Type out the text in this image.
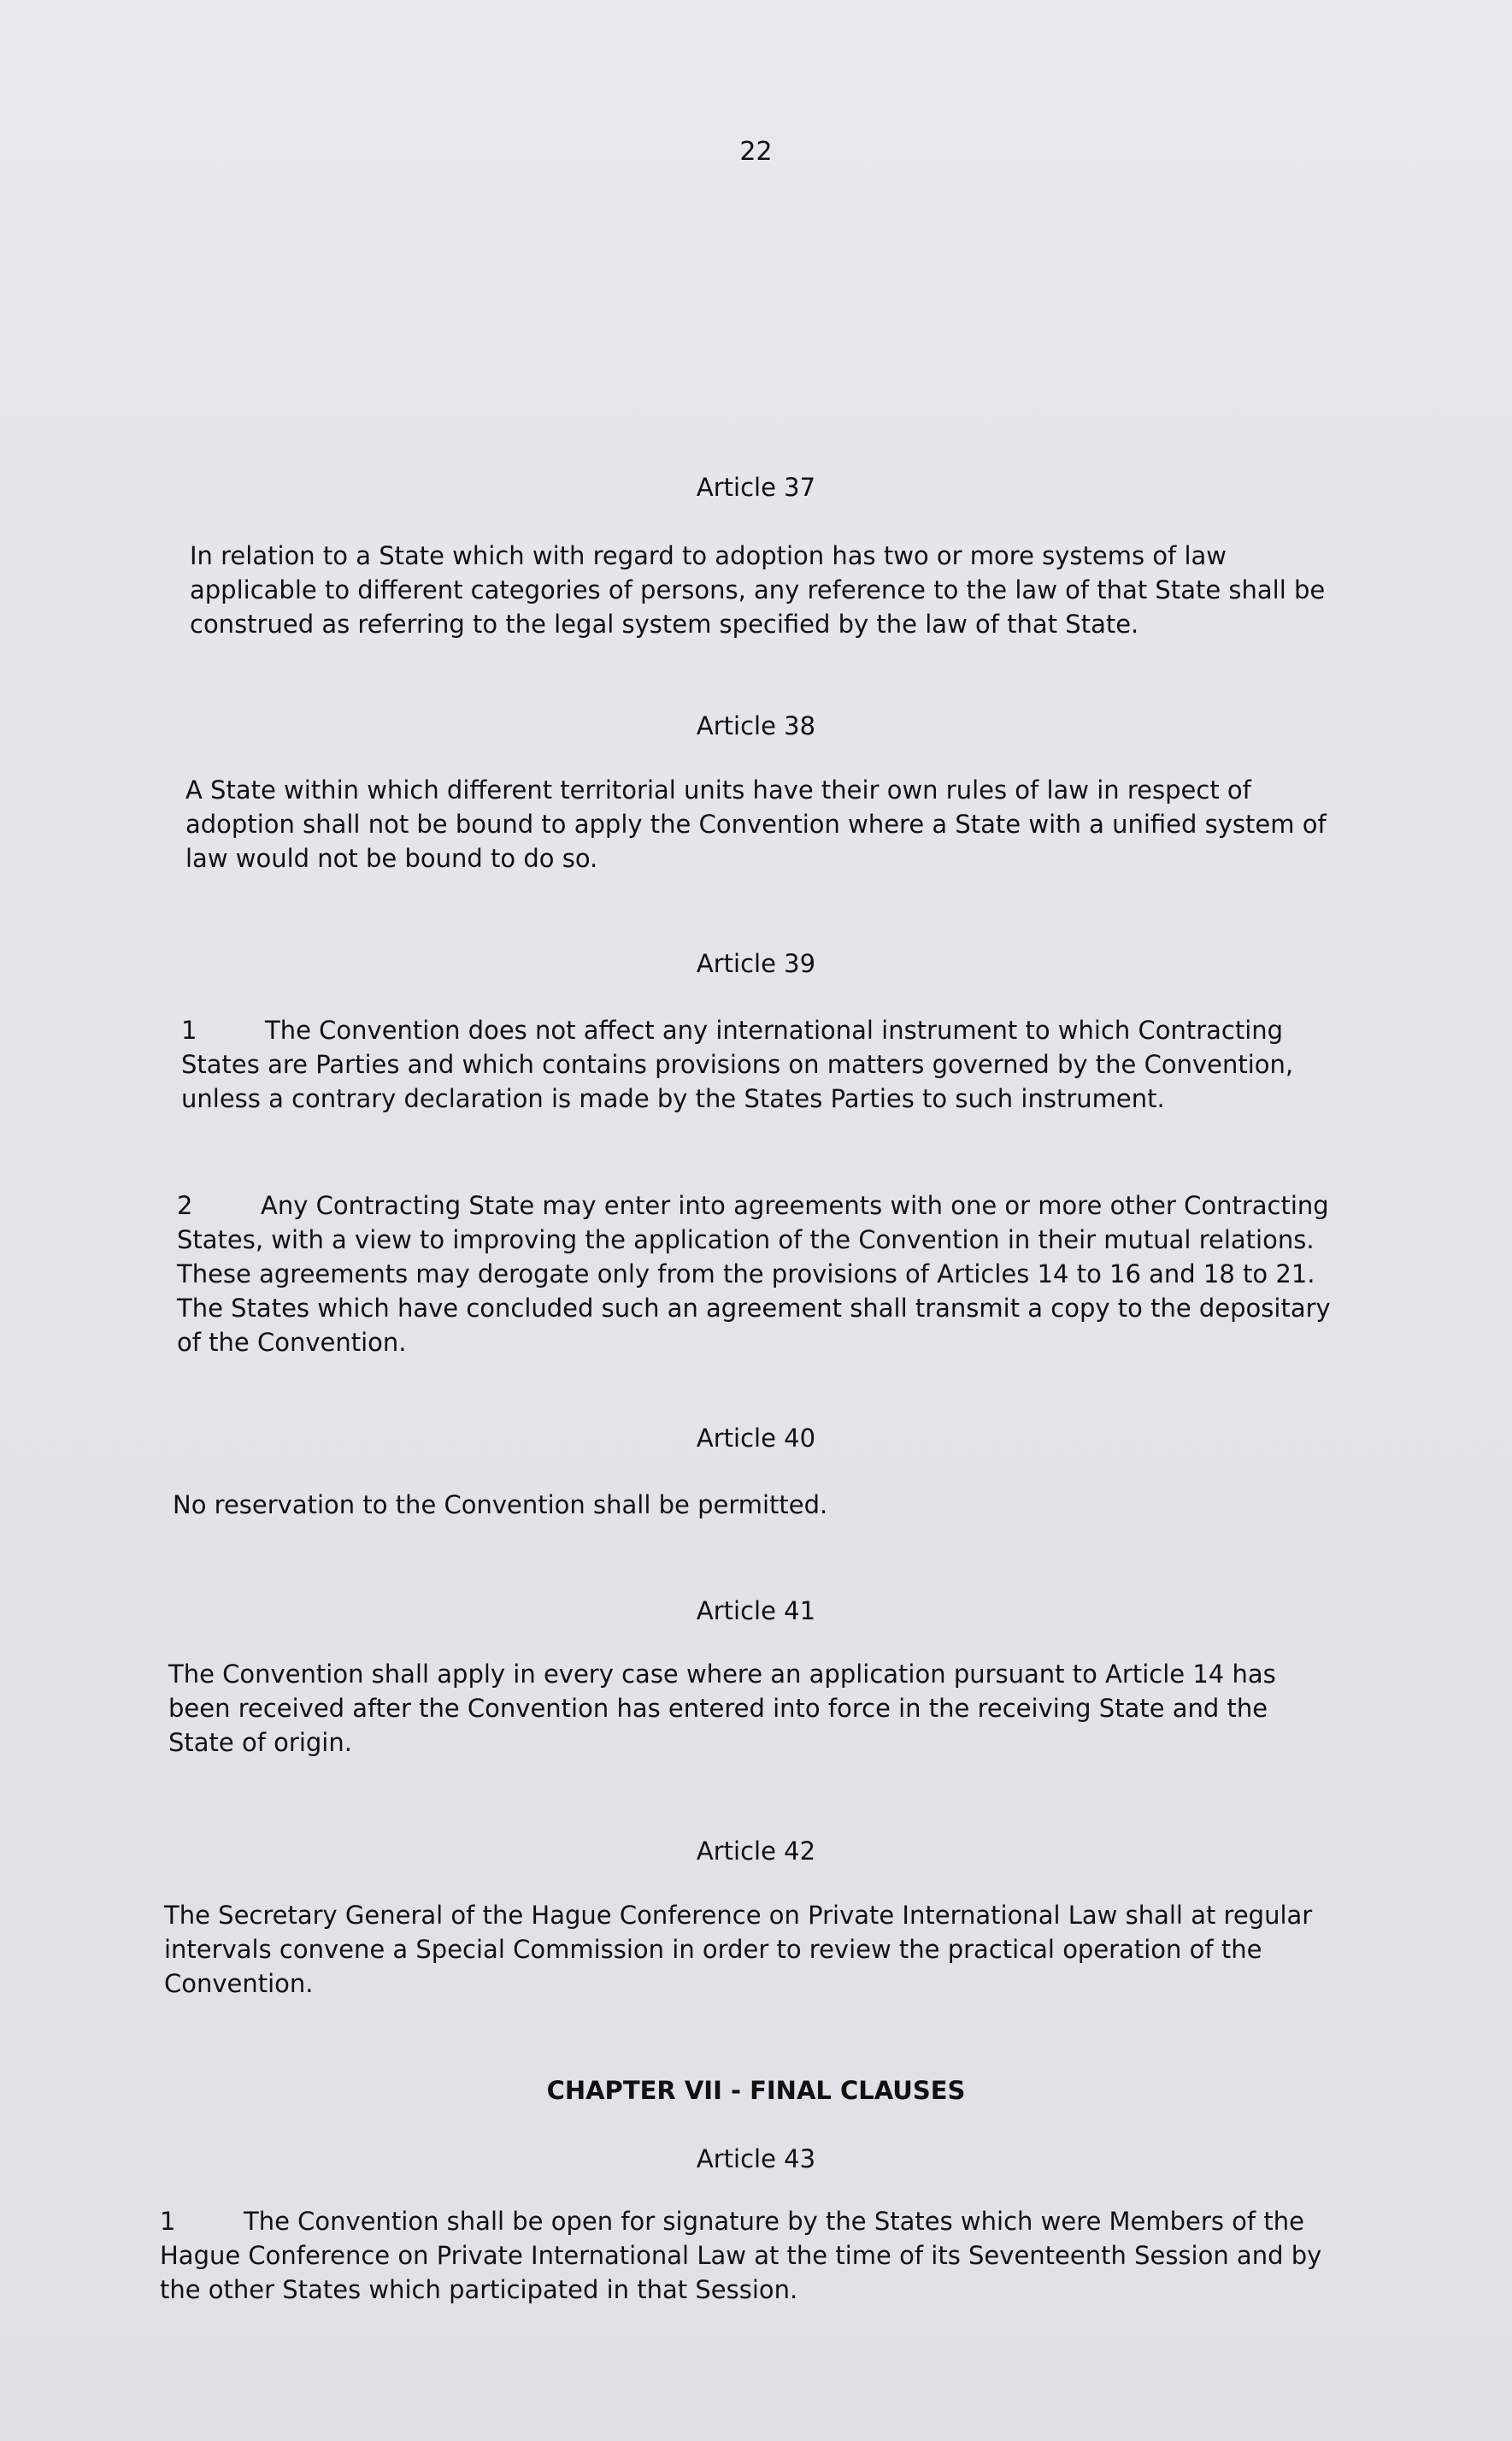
22
Article 37
In relation to a State which with regard to adoption has two or more systems of law applicable to different categories of persons, any reference to the law of that State shall be construed as referring to the legal system specified by the law of that State.
Article 38
A State within which different territorial units have their own rules of law in respect of adoption shall not be bound to apply the Convention where a State with a unified system of law would not be bound to do so.
Article 39
1	The Convention does not affect any international instrument to which Contracting States are Parties and which contains provisions on matters governed by the Convention, unless a contrary declaration is made by the States Parties to such instrument.
2	Any Contracting State may enter into agreements with one or more other Contracting States, with a view to improving the application of the Convention in their mutual relations. These agreements may derogate only from the provisions of Articles 14 to 16 and 18 to 21. The States which have concluded such an agreement shall transmit a copy to the depositary of the Convention.
Article 40
No reservation to the Convention shall be permitted.
Article 41
The Convention shall apply in every case where an application pursuant to Article 14 has been received after the Convention has entered into force in the receiving State and the State of origin.
Article 42
The Secretary General of the Hague Conference on Private International Law shall at regular intervals convene a Special Commission in order to review the practical operation of the Convention.
CHAPTER VII - FINAL CLAUSES
Article 43
1	The Convention shall be open for signature by the States which were Members of the Hague Conference on Private International Law at the time of its Seventeenth Session and by the other States which participated in that Session.
